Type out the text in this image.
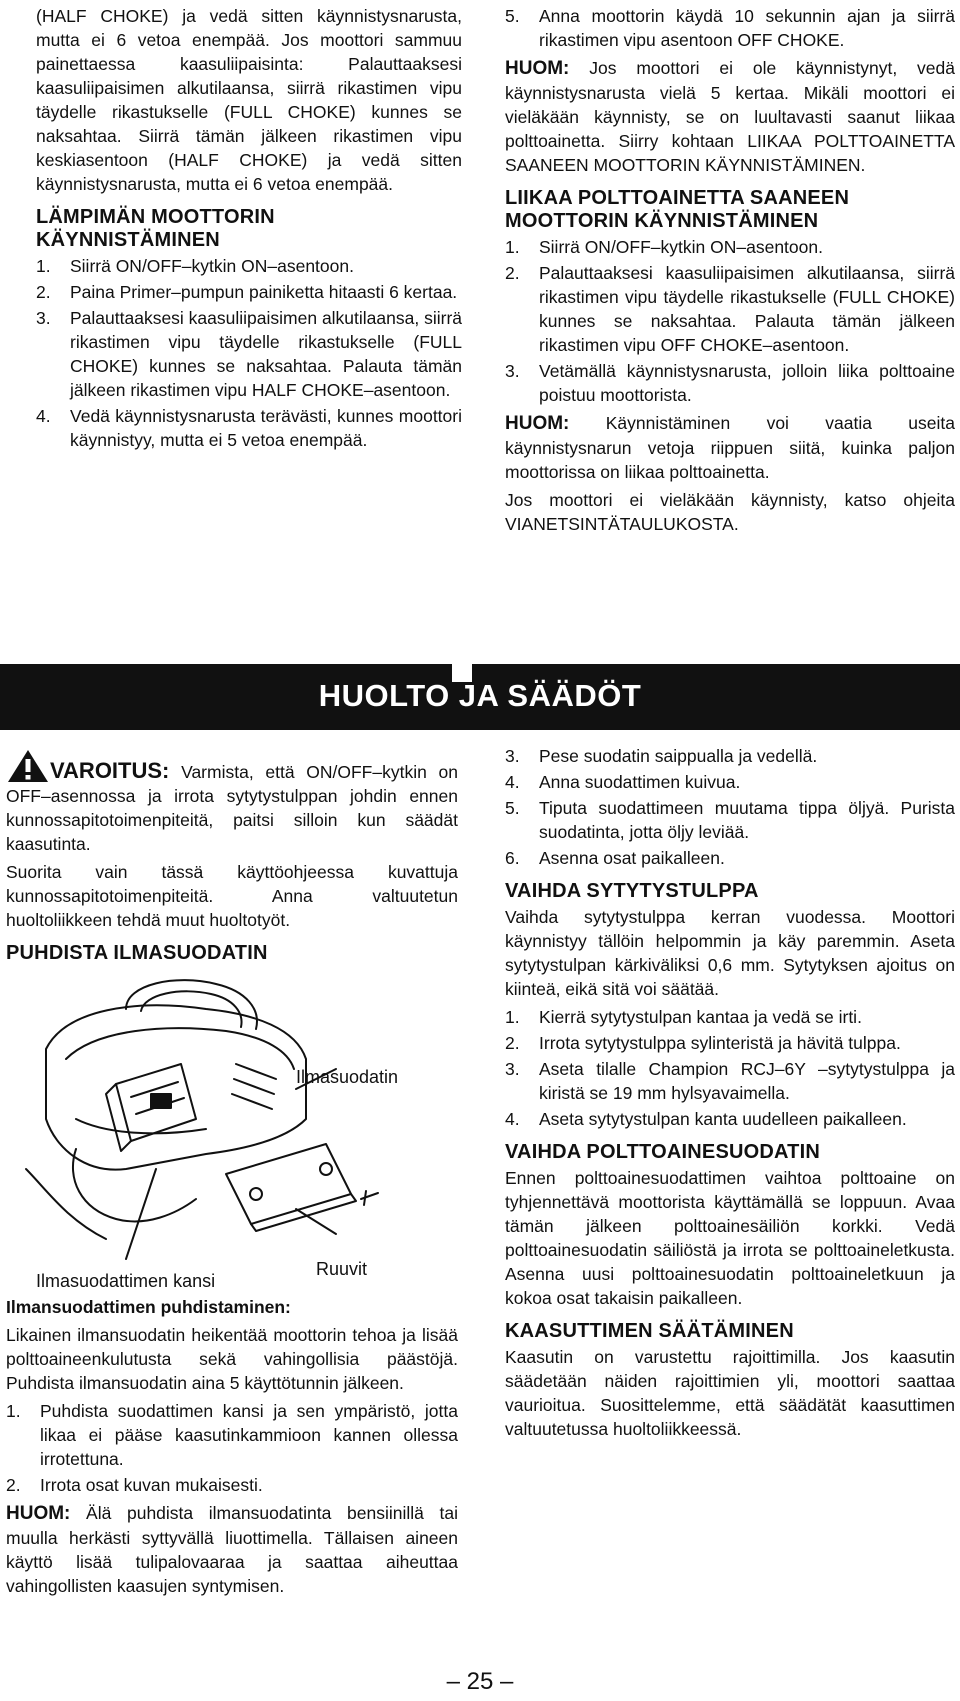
(HALF CHOKE) ja vedä sitten käynnistysnarusta, mutta ei 6 vetoa enempää. Jos moottori sammuu painettaessa kaasuliipaisinta: Palauttaaksesi kaasuliipaisimen alkutilaansa, siirrä rikastimen vipu täydelle rikastukselle (FULL CHOKE) kunnes se naksahtaa. Siirrä tämän jälkeen rikastimen vipu keskiasentoon (HALF CHOKE) ja vedä sitten käynnistysnarusta, mutta ei 6 vetoa enempää.

LÄMPIMÄN MOOTTORIN KÄYNNISTÄMINEN
1. Siirrä ON/OFF–kytkin ON–asentoon.
2. Paina Primer–pumpun painiketta hitaasti 6 kertaa.
3. Palauttaaksesi kaasuliipaisimen alkutilaansa, siirrä rikastimen vipu täydelle rikastukselle (FULL CHOKE) kunnes se naksahtaa. Palauta tämän jälkeen rikastimen vipu HALF CHOKE–asentoon.
4. Vedä käynnistysnarusta terävästi, kunnes moottori käynnistyy, mutta ei 5 vetoa enempää.
5. Anna moottorin käydä 10 sekunnin ajan ja siirrä rikastimen vipu asentoon OFF CHOKE.

HUOM: Jos moottori ei ole käynnistynyt, vedä käynnistysnarusta vielä 5 kertaa. Mikäli moottori ei vieläkään käynnisty, se on luultavasti saanut liikaa polttoainetta. Siirry kohtaan LIIKAA POLTTOAINETTA SAANEEN MOOTTORIN KÄYNNISTÄMINEN.

LIIKAA POLTTOAINETTA SAANEEN MOOTTORIN KÄYNNISTÄMINEN
1. Siirrä ON/OFF–kytkin ON–asentoon.
2. Palauttaaksesi kaasuliipaisimen alkutilaansa, siirrä rikastimen vipu täydelle rikastukselle (FULL CHOKE) kunnes se naksahtaa. Palauta tämän jälkeen rikastimen vipu OFF CHOKE–asentoon.
3. Vetämällä käynnistysnarusta, jolloin liika polttoaine poistuu moottorista.

HUOM: Käynnistäminen voi vaatia useita käynnistysnarun vetoja riippuen siitä, kuinka paljon moottorissa on liikaa polttoainetta.

Jos moottori ei vieläkään käynnisty, katso ohjeita VIANETSINTÄTAULUKOSTA.

HUOLTO JA SÄÄDÖT

VAROITUS: Varmista, että ON/OFF–kytkin on OFF–asennossa ja irrota sytytystulppan johdin ennen kunnossapitotoimenpiteitä, paitsi silloin kun säädät kaasutinta.

Suorita vain tässä käyttöohjeessa kuvattuja kunnossapitotoimenpiteitä. Anna valtuutetun huoltoliikkeen tehdä muut huoltotyöt.

PUHDISTA ILMASUODATIN
Ilmasuodatin
Ilmasuodattimen kansi
Ruuvit

Ilmansuodattimen puhdistaminen:

Likainen ilmansuodatin heikentää moottorin tehoa ja lisää polttoaineenkulutusta sekä vahingollisia päästöjä. Puhdista ilmansuodatin aina 5 käyttötunnin jälkeen.

1. Puhdista suodattimen kansi ja sen ympäristö, jotta likaa ei pääse kaasutinkammioon kannen ollessa irrotettuna.
2. Irrota osat kuvan mukaisesti.

HUOM: Älä puhdista ilmansuodatinta bensiinillä tai muulla herkästi syttyvällä liuottimella. Tällaisen aineen käyttö lisää tulipalovaaraa ja saattaa aiheuttaa vahingollisten kaasujen syntymisen.

3. Pese suodatin saippualla ja vedellä.
4. Anna suodattimen kuivua.
5. Tiputa suodattimeen muutama tippa öljyä. Purista suodatinta, jotta öljy leviää.
6. Asenna osat paikalleen.
VAIHDA SYTYTYSTULPPA

Vaihda sytytystulppa kerran vuodessa. Moottori käynnistyy tällöin helpommin ja käy paremmin. Aseta sytytystulpan kärkiväliksi 0,6 mm. Sytytyksen ajoitus on kiinteä, eikä sitä voi säätää.

1. Kierrä sytytystulpan kantaa ja vedä se irti.
2. Irrota sytytystulppa sylinteristä ja hävitä tulppa.
3. Aseta tilalle Champion RCJ–6Y –sytytystulppa ja kiristä se 19 mm hylsyavaimella.
4. Aseta sytytystulpan kanta uudelleen paikalleen.
VAIHDA POLTTOAINESUODATIN

Ennen polttoainesuodattimen vaihtoa polttoaine on tyhjennettävä moottorista käyttämällä se loppuun. Avaa tämän jälkeen polttoainesäiliön korkki. Vedä polttoainesuodatin säiliöstä ja irrota se polttoaineletkusta. Asenna uusi polttoainesuodatin polttoaineletkuun ja kokoa osat takaisin paikalleen.

KAASUTTIMEN SÄÄTÄMINEN

Kaasutin on varustettu rajoittimilla. Jos kaasutin säädetään näiden rajoittimien yli, moottori saattaa vaurioitua. Suosittelemme, että säädätät kaasuttimen valtuutetussa huoltoliikkeessä.

– 25 –
